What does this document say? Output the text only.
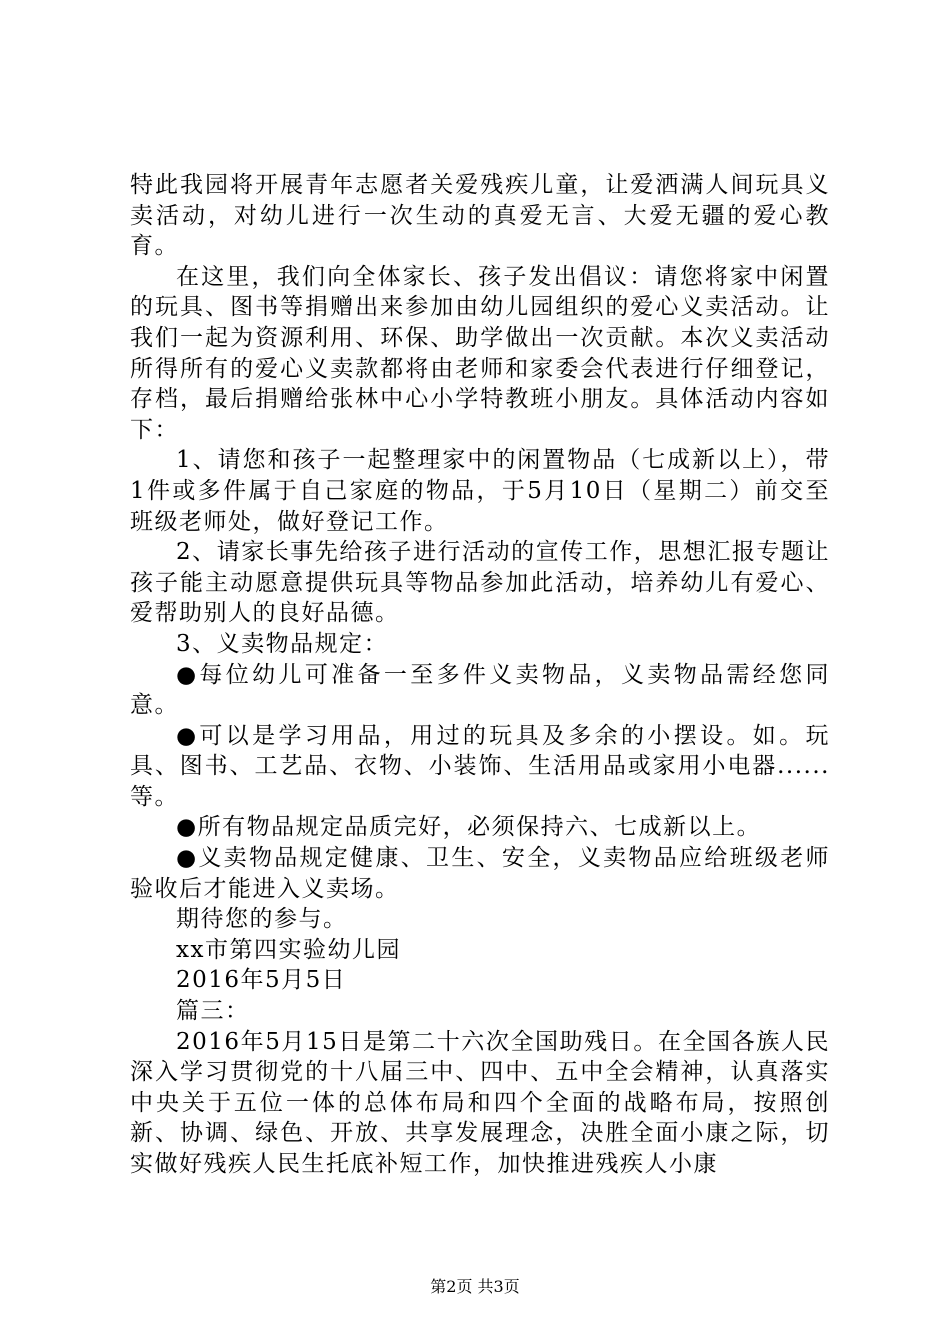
特此我园将开展青年志愿者关爱残疾儿童，让爱洒满人间玩具义卖活动，对幼儿进行一次生动的真爱无言、大爱无疆的爱心教育。

在这里，我们向全体家长、孩子发出倡议：请您将家中闲置的玩具、图书等捐赠出来参加由幼儿园组织的爱心义卖活动。让我们一起为资源利用、环保、助学做出一次贡献。本次义卖活动所得所有的爱心义卖款都将由老师和家委会代表进行仔细登记，存档，最后捐赠给张林中心小学特教班小朋友。具体活动内容如下：

1、请您和孩子一起整理家中的闲置物品（七成新以上），带1件或多件属于自己家庭的物品，于5月10日（星期二）前交至班级老师处，做好登记工作。

2、请家长事先给孩子进行活动的宣传工作，思想汇报专题让孩子能主动愿意提供玩具等物品参加此活动，培养幼儿有爱心、爱帮助别人的良好品德。

3、义卖物品规定：

●每位幼儿可准备一至多件义卖物品，义卖物品需经您同意。

●可以是学习用品，用过的玩具及多余的小摆设。如。玩具、图书、工艺品、衣物、小装饰、生活用品或家用小电器......等。

●所有物品规定品质完好，必须保持六、七成新以上。

●义卖物品规定健康、卫生、安全，义卖物品应给班级老师验收后才能进入义卖场。

期待您的参与。

xx市第四实验幼儿园

2016年5月5日

篇三：

2016年5月15日是第二十六次全国助残日。在全国各族人民深入学习贯彻党的十八届三中、四中、五中全会精神，认真落实中央关于五位一体的总体布局和四个全面的战略布局，按照创新、协调、绿色、开放、共享发展理念，决胜全面小康之际，切实做好残疾人民生托底补短工作，加快推进残疾人小康

第2页 共3页
